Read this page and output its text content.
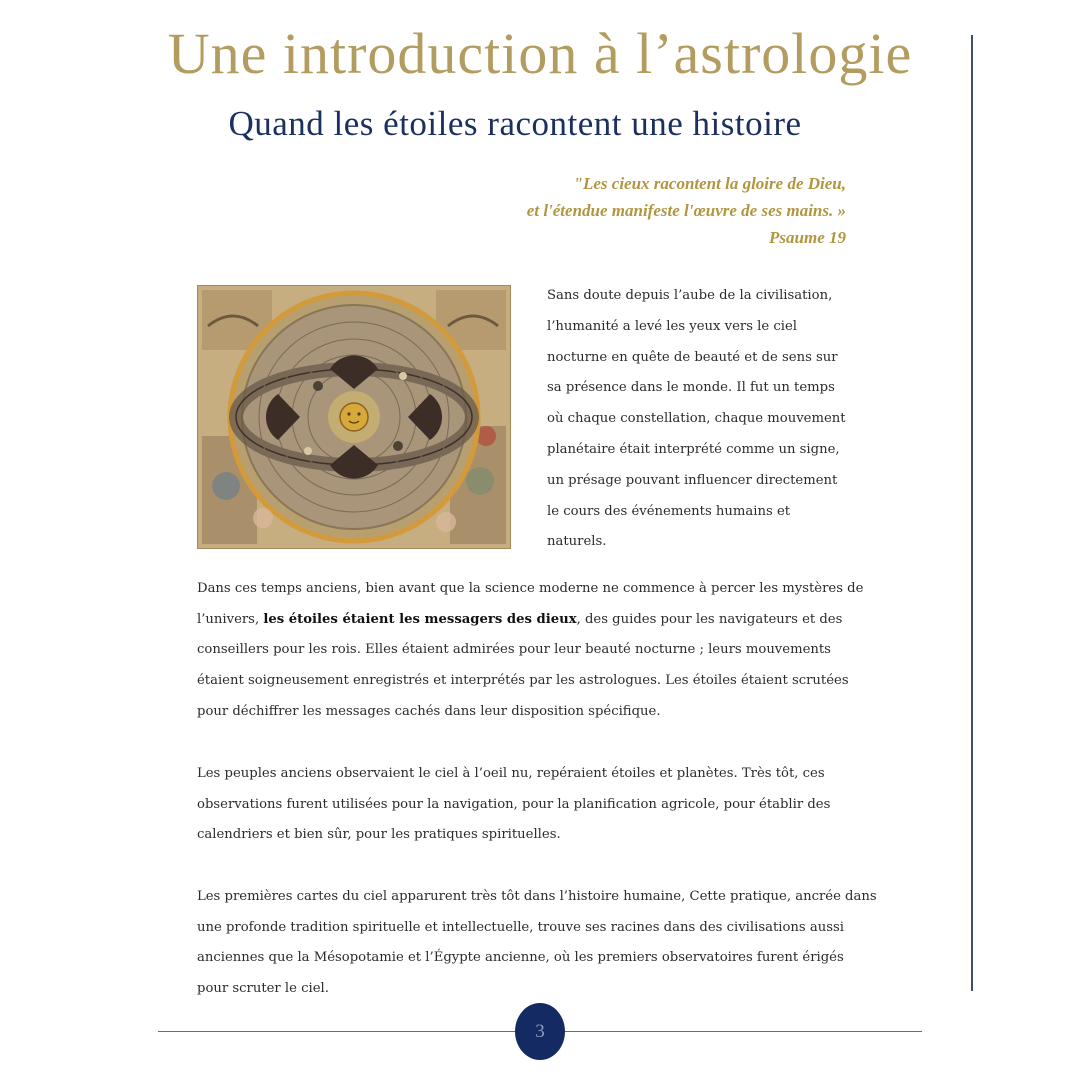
Une introduction à l’astrologie
Quand les étoiles racontent une histoire
"Les cieux racontent la gloire de Dieu,
et l'étendue manifeste l'œuvre de ses mains. »
Psaume 19
Sans doute depuis l’aube de la civilisation,
l’humanité a levé les yeux vers le ciel
nocturne en quête de beauté et de sens sur
sa présence dans le monde. Il fut un temps
où chaque constellation, chaque mouvement
planétaire était interprété comme un signe,
un présage pouvant influencer directement
le cours des événements humains et
naturels.
Dans ces temps anciens, bien avant que la science moderne ne commence à percer les mystères de
l’univers, les étoiles étaient les messagers des dieux, des guides pour les navigateurs et des
conseillers pour les rois. Elles étaient admirées pour leur beauté nocturne ; leurs mouvements
étaient soigneusement enregistrés et interprétés par les astrologues. Les étoiles étaient scrutées
pour déchiffrer les messages cachés dans leur disposition spécifique.
Les peuples anciens observaient le ciel à l’oeil nu, repéraient étoiles et planètes. Très tôt, ces
observations furent utilisées pour la navigation, pour la planification agricole, pour établir des
calendriers et bien sûr, pour les pratiques spirituelles.
Les premières cartes du ciel apparurent très tôt dans l’histoire humaine, Cette pratique, ancrée dans
une profonde tradition spirituelle et intellectuelle, trouve ses racines dans des civilisations aussi
anciennes que la Mésopotamie et l’Égypte ancienne, où les premiers observatoires furent érigés
pour scruter le ciel.
3
